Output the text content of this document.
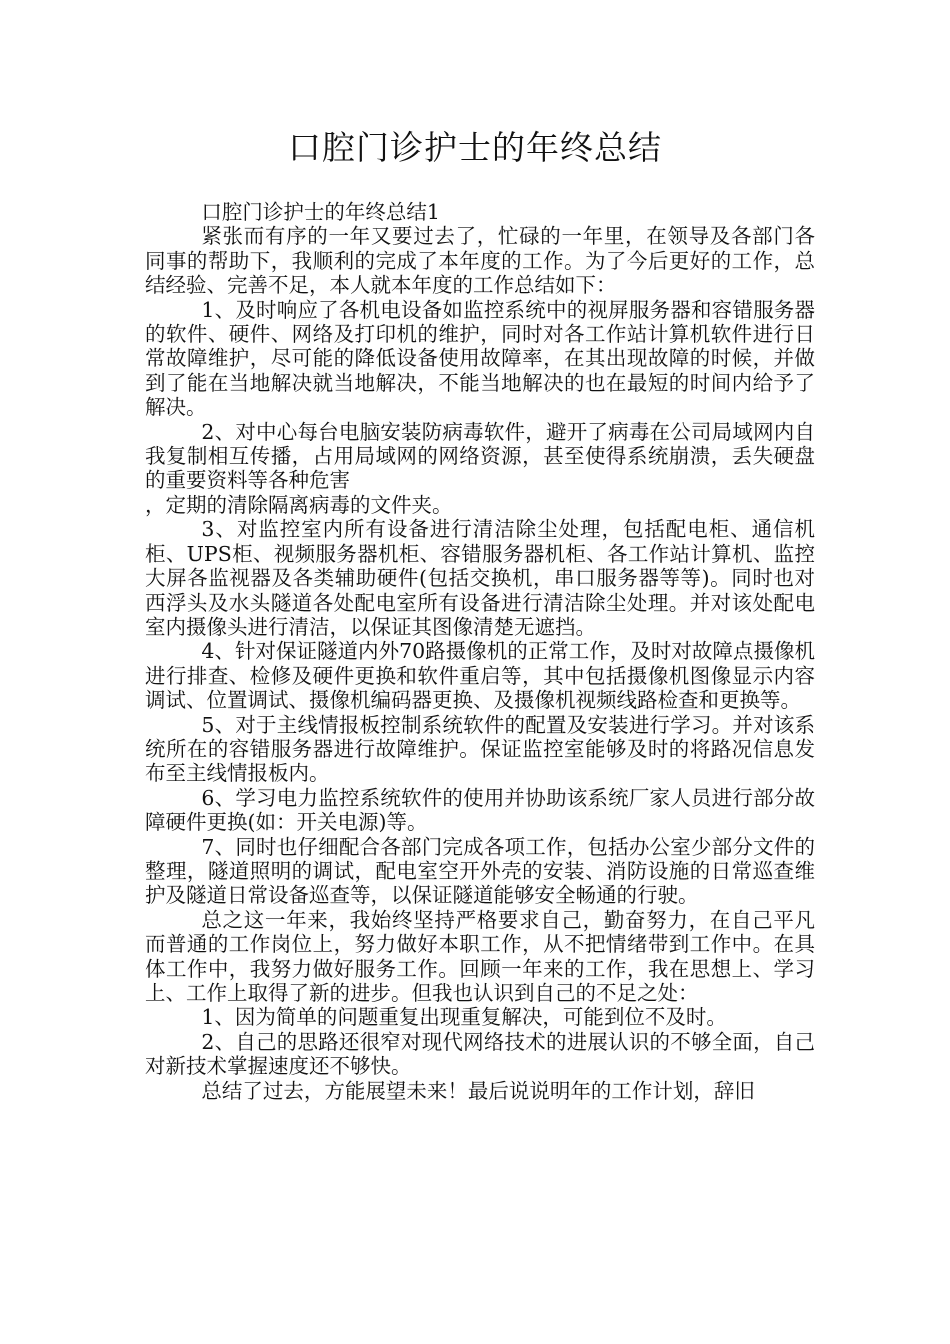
口腔门诊护士的年终总结

口腔门诊护士的年终总结1

紧张而有序的一年又要过去了，忙碌的一年里，在领导及各部门各同事的帮助下，我顺利的完成了本年度的工作。为了今后更好的工作，总结经验、完善不足，本人就本年度的工作总结如下：

1、及时响应了各机电设备如监控系统中的视屏服务器和容错服务器的软件、硬件、网络及打印机的维护，同时对各工作站计算机软件进行日常故障维护，尽可能的降低设备使用故障率，在其出现故障的时候，并做到了能在当地解决就当地解决，不能当地解决的也在最短的时间内给予了解决。

2、对中心每台电脑安装防病毒软件，避开了病毒在公司局域网内自我复制相互传播，占用局域网的网络资源，甚至使得系统崩溃，丢失硬盘的重要资料等各种危害

，定期的清除隔离病毒的文件夹。

3、对监控室内所有设备进行清洁除尘处理，包括配电柜、通信机柜、UPS柜、视频服务器机柜、容错服务器机柜、各工作站计算机、监控大屏各监视器及各类辅助硬件(包括交换机，串口服务器等等)。同时也对西浮头及水头隧道各处配电室所有设备进行清洁除尘处理。并对该处配电室内摄像头进行清洁，以保证其图像清楚无遮挡。

4、针对保证隧道内外70路摄像机的正常工作，及时对故障点摄像机进行排查、检修及硬件更换和软件重启等，其中包括摄像机图像显示内容调试、位置调试、摄像机编码器更换、及摄像机视频线路检查和更换等。

5、对于主线情报板控制系统软件的配置及安装进行学习。并对该系统所在的容错服务器进行故障维护。保证监控室能够及时的将路况信息发布至主线情报板内。

6、学习电力监控系统软件的使用并协助该系统厂家人员进行部分故障硬件更换(如：开关电源)等。

7、同时也仔细配合各部门完成各项工作，包括办公室少部分文件的整理，隧道照明的调试，配电室空开外壳的安装、消防设施的日常巡查维护及隧道日常设备巡查等，以保证隧道能够安全畅通的行驶。

总之这一年来，我始终坚持严格要求自己，勤奋努力，在自己平凡而普通的工作岗位上，努力做好本职工作，从不把情绪带到工作中。在具体工作中，我努力做好服务工作。回顾一年来的工作，我在思想上、学习上、工作上取得了新的进步。但我也认识到自己的不足之处：

1、因为简单的问题重复出现重复解决，可能到位不及时。

2、自己的思路还很窄对现代网络技术的进展认识的不够全面，自己对新技术掌握速度还不够快。

总结了过去，方能展望未来！最后说说明年的工作计划，辞旧
